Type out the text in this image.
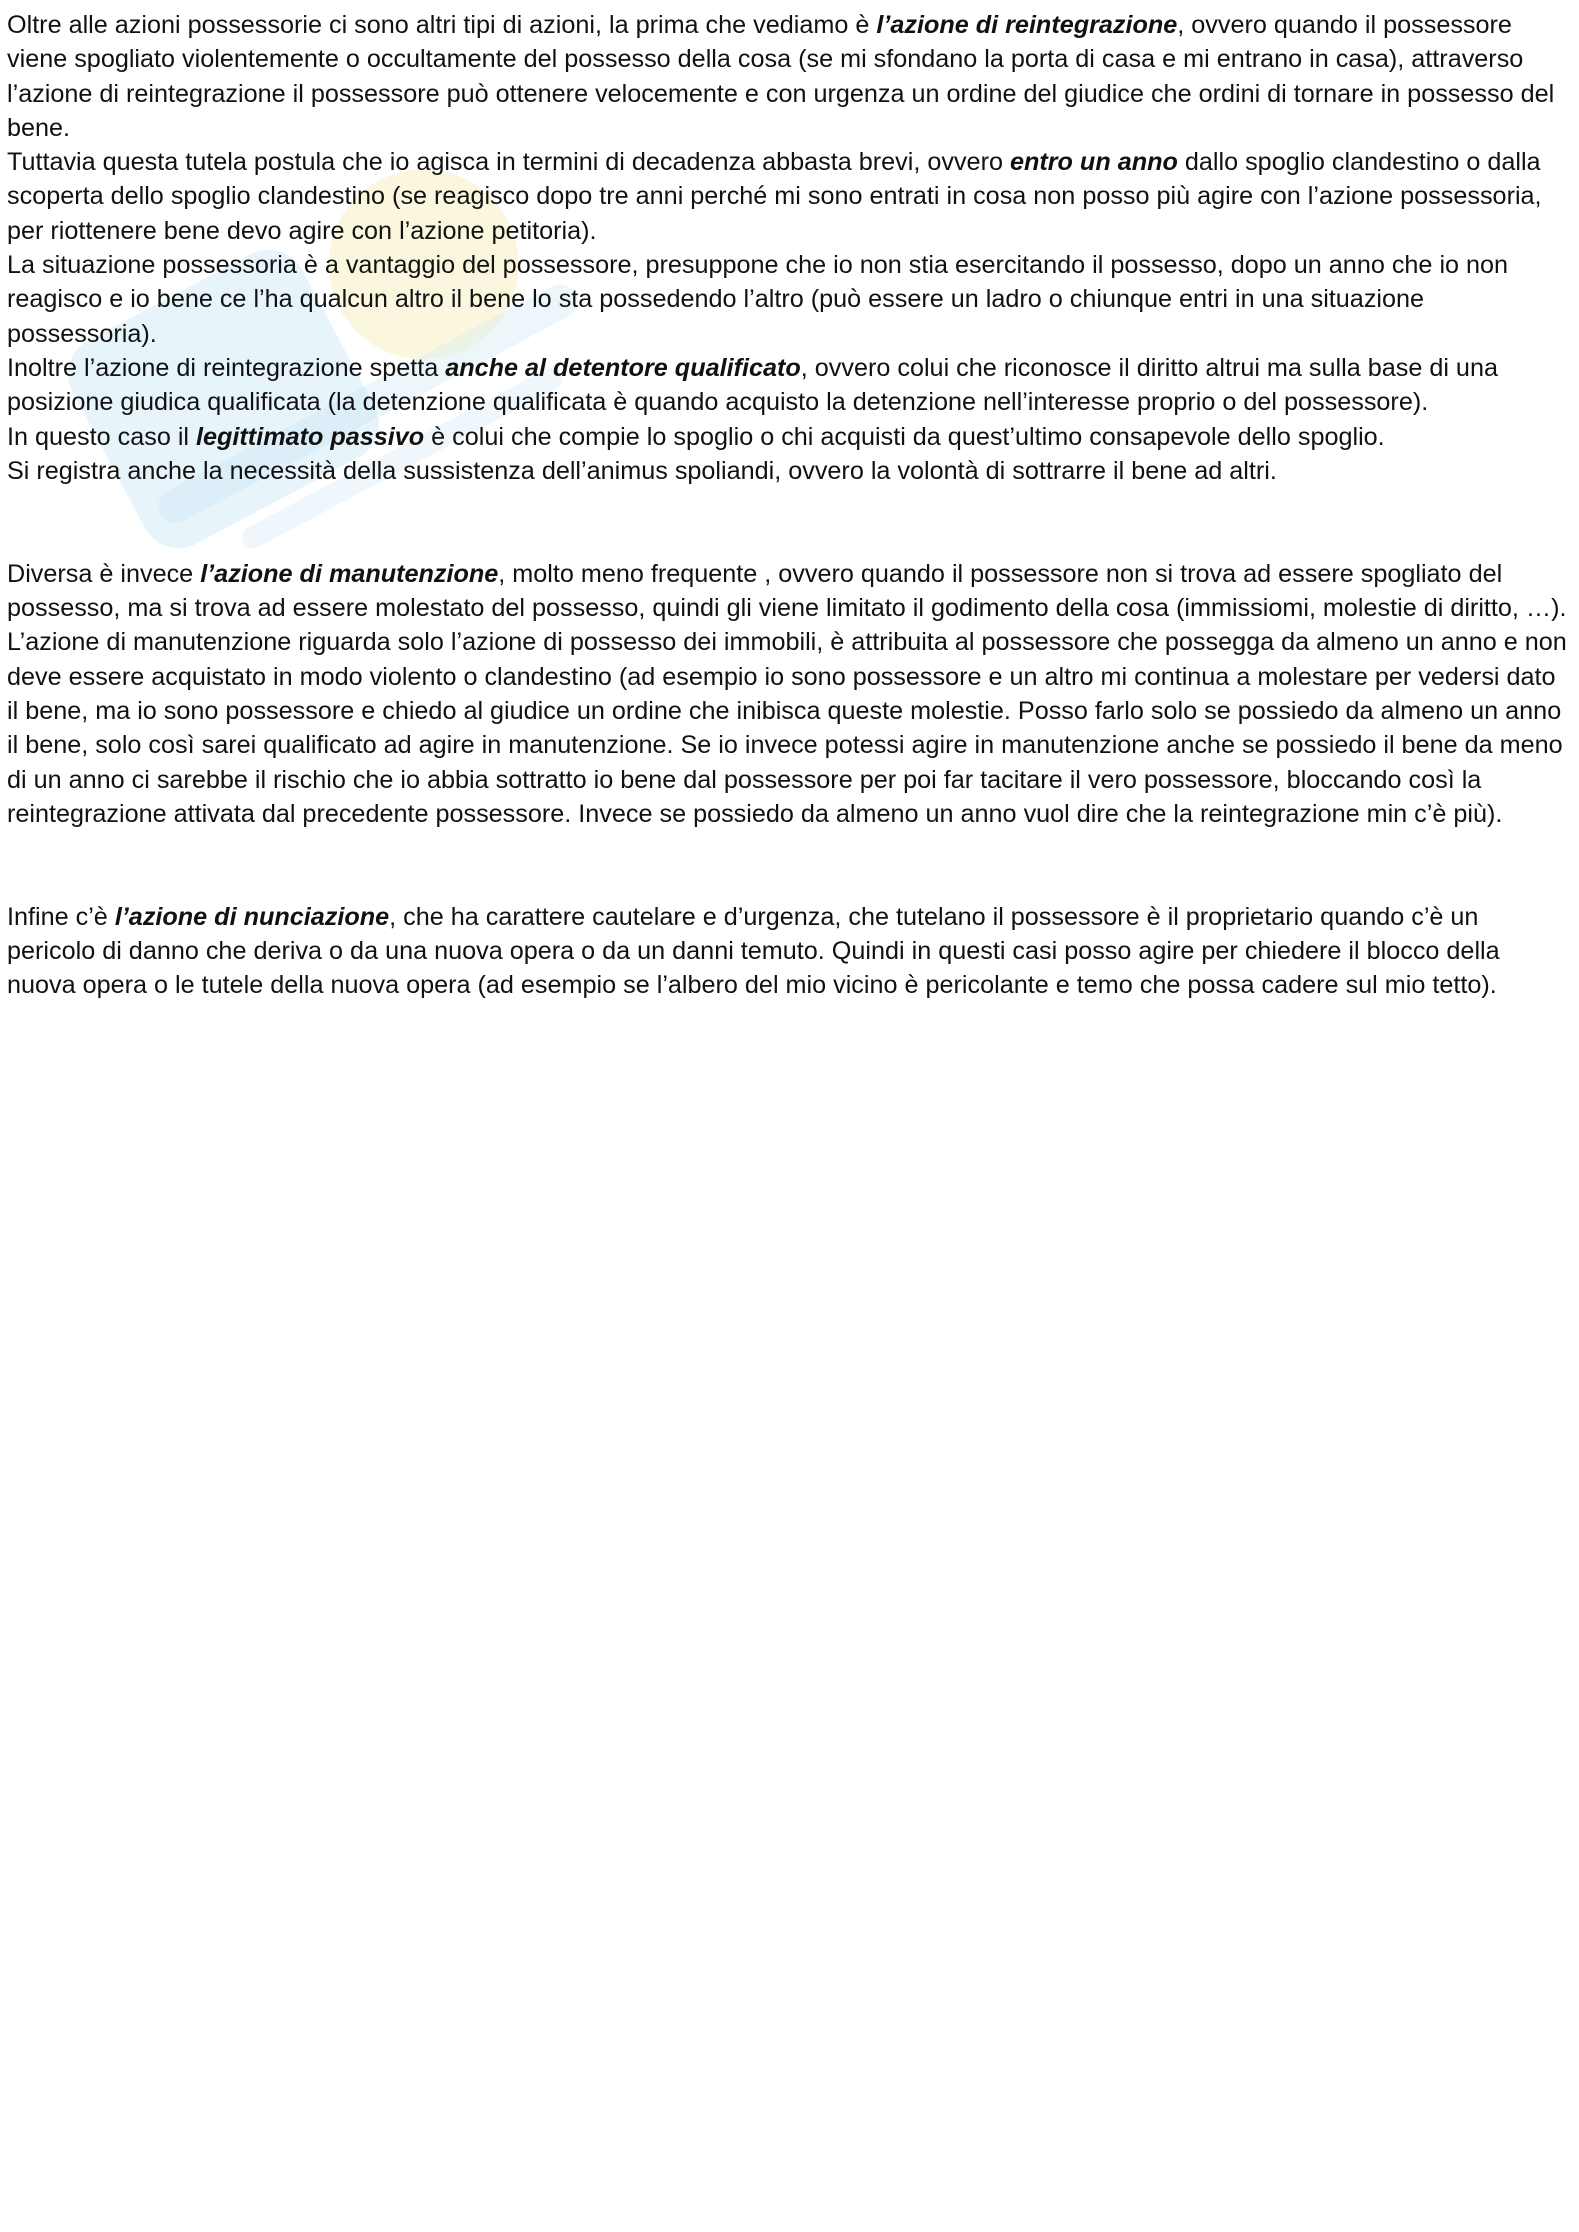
Oltre alle azioni possessorie ci sono altri tipi di azioni, la prima che vediamo è l’azione di reintegrazione, ovvero quando il possessore viene spogliato violentemente o occultamente del possesso della cosa (se mi sfondano la porta di casa e mi entrano in casa), attraverso l’azione di reintegrazione il possessore può ottenere velocemente e con urgenza un ordine del giudice che ordini di tornare in possesso del bene.

Tuttavia questa tutela postula che io agisca in termini di decadenza abbasta brevi, ovvero entro un anno dallo spoglio clandestino o dalla scoperta dello spoglio clandestino (se reagisco dopo tre anni perché mi sono entrati in cosa non posso più agire con l’azione possessoria, per riottenere bene devo agire con l’azione petitoria).

La situazione possessoria è a vantaggio del possessore, presuppone che io non stia esercitando il possesso, dopo un anno che io non reagisco e io bene ce l’ha qualcun altro il bene lo sta possedendo l’altro (può essere un ladro o chiunque entri in una situazione possessoria).

Inoltre l’azione di reintegrazione spetta anche al detentore qualificato, ovvero colui che riconosce il diritto altrui ma sulla base di una posizione giudica qualificata (la detenzione qualificata è quando acquisto la detenzione nell’interesse proprio o del possessore).

In questo caso il legittimato passivo è colui che compie lo spoglio o chi acquisti da quest’ultimo consapevole dello spoglio.

Si registra anche la necessità della sussistenza dell’animus spoliandi, ovvero la volontà di sottrarre il bene ad altri.

Diversa è invece l’azione di manutenzione, molto meno frequente , ovvero quando il possessore non si trova ad essere spogliato del possesso, ma si trova ad essere molestato del possesso, quindi gli viene limitato il godimento della cosa (immissiomi, molestie di diritto, …).

L’azione di manutenzione riguarda solo l’azione di possesso dei immobili, è attribuita al possessore che possegga da almeno un anno e non deve essere acquistato in modo violento o clandestino (ad esempio io sono possessore e un altro mi continua a molestare per vedersi dato il bene, ma io sono possessore e chiedo al giudice un ordine che inibisca queste molestie. Posso farlo solo se possiedo da almeno un anno il bene, solo così sarei qualificato ad agire in manutenzione. Se io invece potessi agire in manutenzione anche se possiedo il bene da meno di un anno ci sarebbe il rischio che io abbia sottratto io bene dal possessore per poi far tacitare il vero possessore, bloccando così la reintegrazione attivata dal precedente possessore. Invece se possiedo da almeno un anno vuol dire che la reintegrazione min c’è più).

Infine c’è l’azione di nunciazione, che ha carattere cautelare e d’urgenza, che tutelano il possessore è il proprietario quando c’è un pericolo di danno che deriva o da una nuova opera o da un danni temuto. Quindi in questi casi posso agire per chiedere il blocco della nuova opera o le tutele della nuova opera (ad esempio se l’albero del mio vicino è pericolante e temo che possa cadere sul mio tetto).
